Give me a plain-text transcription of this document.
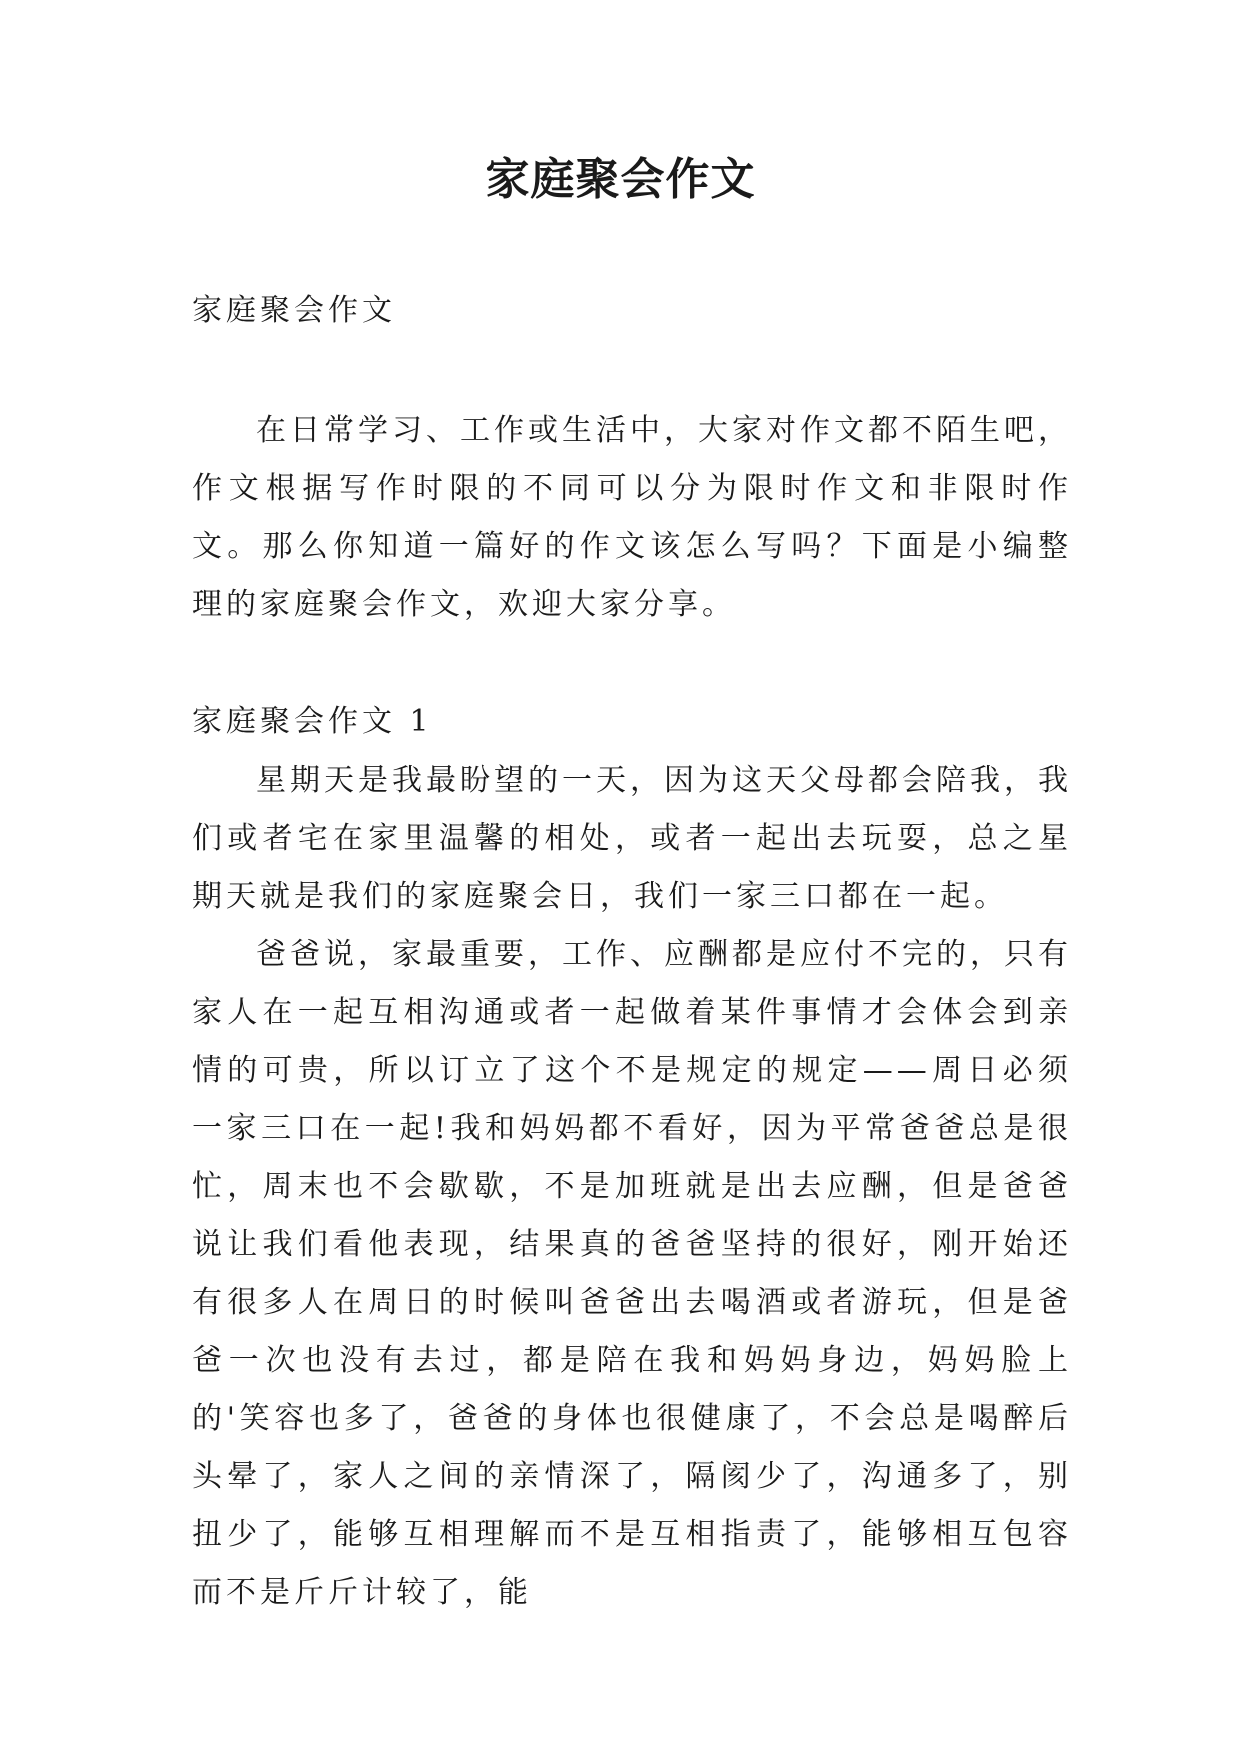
家庭聚会作文

家庭聚会作文

在日常学习、工作或生活中，大家对作文都不陌生吧，作文根据写作时限的不同可以分为限时作文和非限时作文。那么你知道一篇好的作文该怎么写吗？下面是小编整理的家庭聚会作文，欢迎大家分享。

家庭聚会作文 1

星期天是我最盼望的一天，因为这天父母都会陪我，我们或者宅在家里温馨的相处，或者一起出去玩耍，总之星期天就是我们的家庭聚会日，我们一家三口都在一起。

爸爸说，家最重要，工作、应酬都是应付不完的，只有家人在一起互相沟通或者一起做着某件事情才会体会到亲情的可贵，所以订立了这个不是规定的规定——周日必须一家三口在一起!我和妈妈都不看好，因为平常爸爸总是很忙，周末也不会歇歇，不是加班就是出去应酬，但是爸爸说让我们看他表现，结果真的爸爸坚持的很好，刚开始还有很多人在周日的时候叫爸爸出去喝酒或者游玩，但是爸爸一次也没有去过，都是陪在我和妈妈身边，妈妈脸上的'笑容也多了，爸爸的身体也很健康了，不会总是喝醉后头晕了，家人之间的亲情深了，隔阂少了，沟通多了，别扭少了，能够互相理解而不是互相指责了，能够相互包容而不是斤斤计较了，能
